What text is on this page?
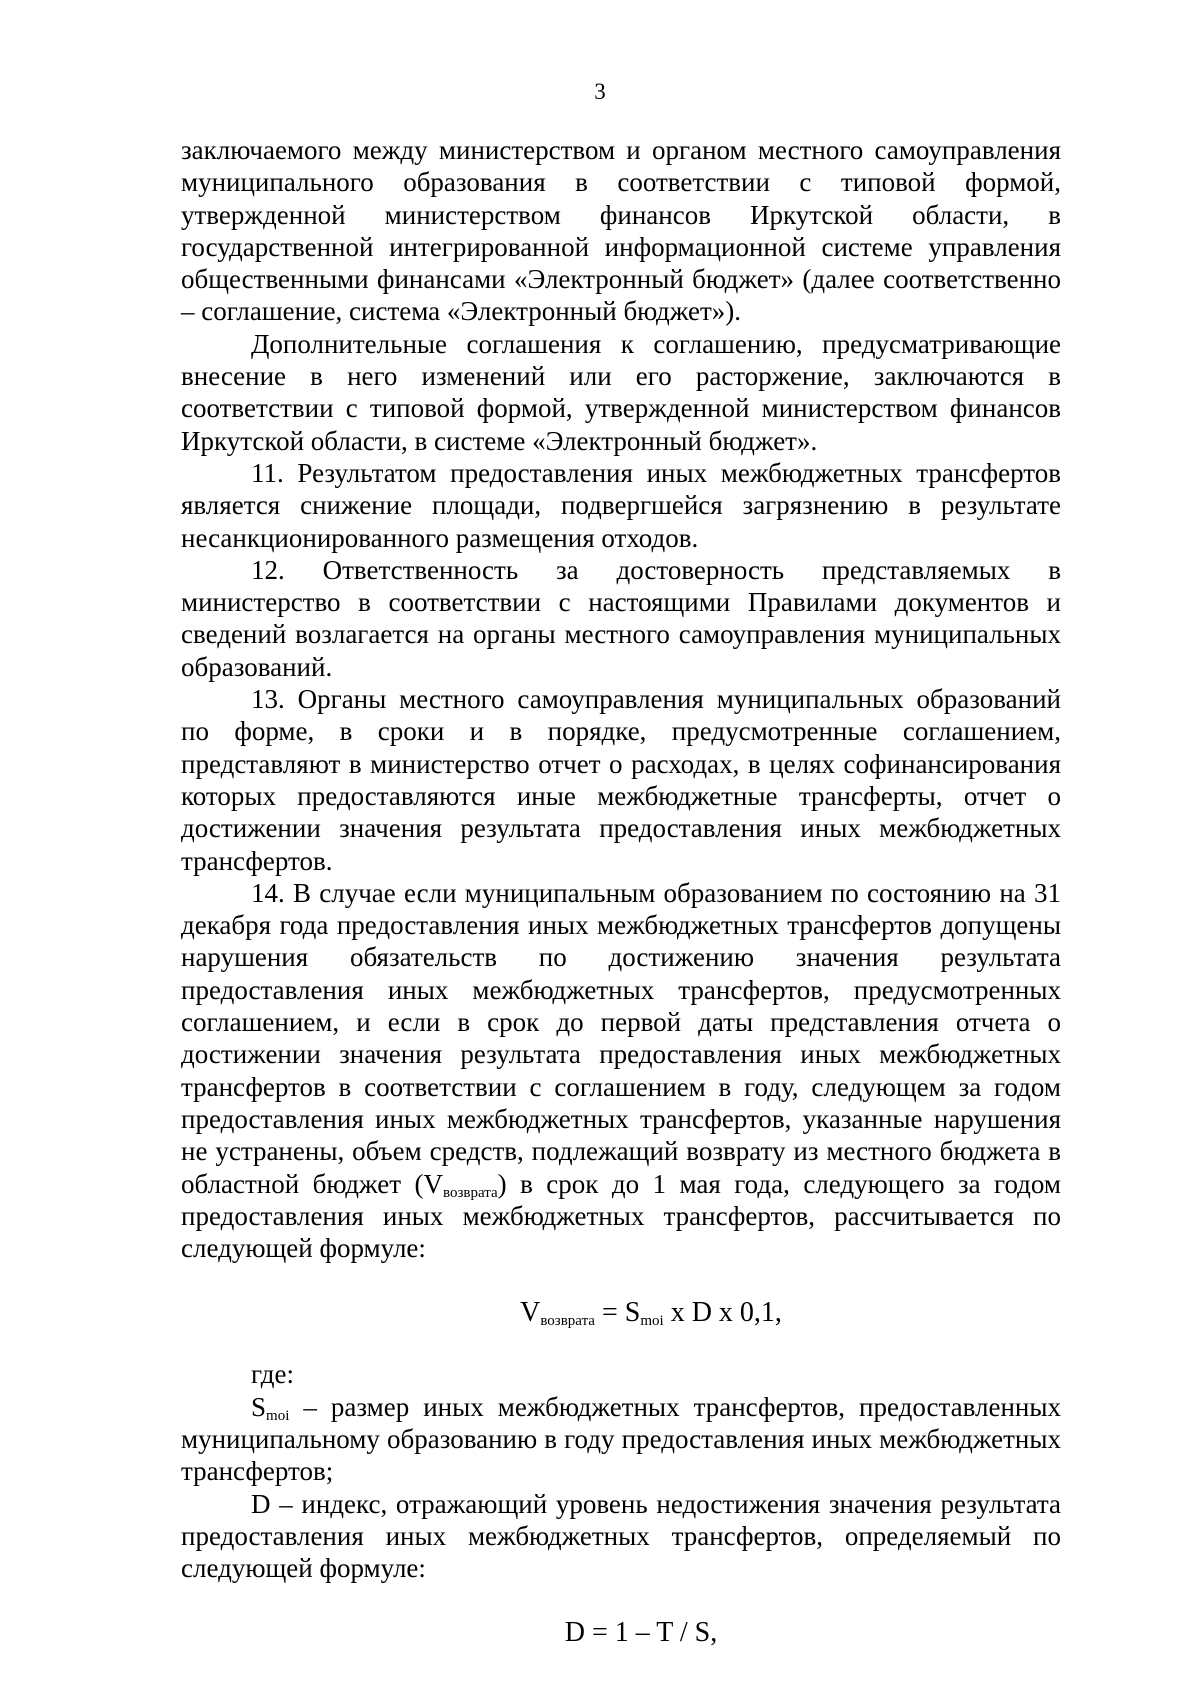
3

заключаемого между министерством и органом местного самоуправления муниципального образования в соответствии с типовой формой, утвержденной министерством финансов Иркутской области, в государственной интегрированной информационной системе управления общественными финансами «Электронный бюджет» (далее соответственно – соглашение, система «Электронный бюджет»).

Дополнительные соглашения к соглашению, предусматривающие внесение в него изменений или его расторжение, заключаются в соответствии с типовой формой, утвержденной министерством финансов Иркутской области, в системе «Электронный бюджет».

11. Результатом предоставления иных межбюджетных трансфертов является снижение площади, подвергшейся загрязнению в результате несанкционированного размещения отходов.

12. Ответственность за достоверность представляемых в министерство в соответствии с настоящими Правилами документов и сведений возлагается на органы местного самоуправления муниципальных образований.

13. Органы местного самоуправления муниципальных образований по форме, в сроки и в порядке, предусмотренные соглашением, представляют в министерство отчет о расходах, в целях софинансирования которых предоставляются иные межбюджетные трансферты, отчет о достижении значения результата предоставления иных межбюджетных трансфертов.

14. В случае если муниципальным образованием по состоянию на 31 декабря года предоставления иных межбюджетных трансфертов допущены нарушения обязательств по достижению значения результата предоставления иных межбюджетных трансфертов, предусмотренных соглашением, и если в срок до первой даты представления отчета о достижении значения результата предоставления иных межбюджетных трансфертов в соответствии с соглашением в году, следующем за годом предоставления иных межбюджетных трансфертов, указанные нарушения не устранены, объем средств, подлежащий возврату из местного бюджета в областной бюджет $(V_{возврата})$ в срок до 1 мая года, следующего за годом предоставления иных межбюджетных трансфертов, рассчитывается по следующей формуле:

$V_{возврата} = S_{moi}$ x D x 0,1,

где:

$S_{moi}$ – размер иных межбюджетных трансфертов, предоставленных муниципальному образованию в году предоставления иных межбюджетных трансфертов;

D – индекс, отражающий уровень недостижения значения результата предоставления иных межбюджетных трансфертов, определяемый по следующей формуле:

D = 1 – T / S,
